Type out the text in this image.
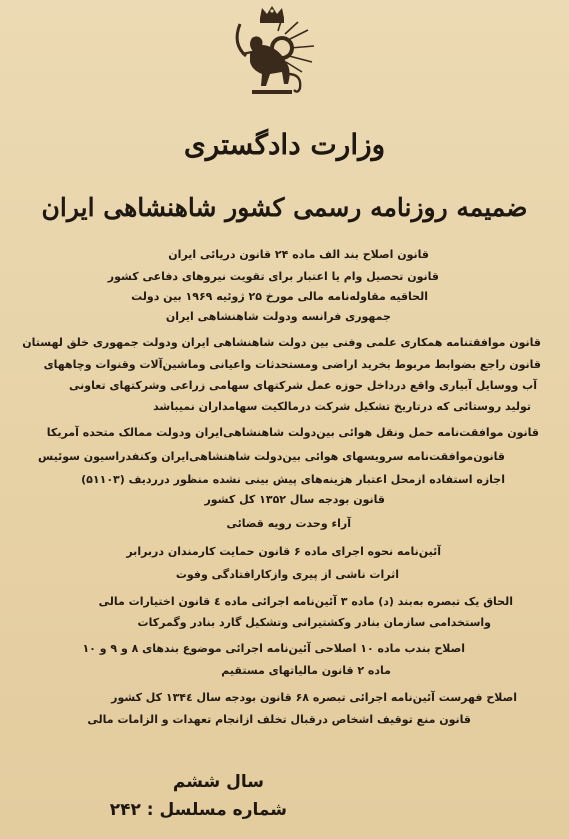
وزارت دادگستری
ضمیمه روزنامه رسمی کشور شاهنشاهی ایران
قانون اصلاح بند الف ماده ۲۴ قانون دریائی ایران
قانون تحصیل وام یا اعتبار برای تقویت نیروهای دفاعی کشور
الحاقیه مقاوله‌نامه مالی مورخ ۲۵ ژوئیه ۱۹۶۹ بین دولت
جمهوری فرانسه ودولت شاهنشاهی ایران
قانون موافقتنامه همکاری علمی وفنی بین دولت شاهنشاهی ایران ودولت جمهوری خلق لهستان
قانون راجع بضوابط مربوط بخرید اراضی ومستحدثات واعیانی وماشین‌آلات وقنوات وچاههای
آب ووسایل آبیاری واقع درداخل حوزه عمل شرکتهای سهامی زراعی وشرکتهای تعاونی
تولید روستائی که درتاریخ تشکیل شرکت درمالکیت سهامداران نمیباشد
قانون موافقت‌نامه حمل ونقل هوائی بین‌دولت شاهنشاهی‌ایران ودولت ممالک متحده آمریکا
قانون‌موافقت‌نامه سرویسهای هوائی بین‌دولت شاهنشاهی‌ایران وکنفدراسیون سوئیس
اجازه استفاده ازمحل اعتبار هزینه‌های پیش بینی نشده منظور درردیف (۵۱۱۰۳)
قانون بودجه سال ۱۳۵۲ کل کشور
آراء وحدت رویه قضائی
آئین‌نامه نحوه اجرای ماده ۶ قانون حمایت کارمندان دربرابر
اثرات ناشی از پیری وازکارافتادگی وفوت
الحاق یک تبصره به‌بند (د) ماده ۳ آئین‌نامه اجرائی ماده ٤ قانون اختیارات مالی
واستخدامی سازمان بنادر وکشتیرانی وتشکیل گارد بنادر وگمرکات
اصلاح بندب ماده ۱۰ اصلاحی آئین‌نامه اجرائی موضوع بندهای ۸ و ۹ و ۱۰
ماده ۲ قانون مالیاتهای مستقیم
اصلاح فهرست آئین‌نامه اجرائی تبصره ۶۸ قانون بودجه سال ۱۳۴٤ کل کشور
قانون منع توقیف اشخاص درقبال تخلف ازانجام تعهدات و الزامات مالی
سال ششم
شماره مسلسل : ۲۴۲
